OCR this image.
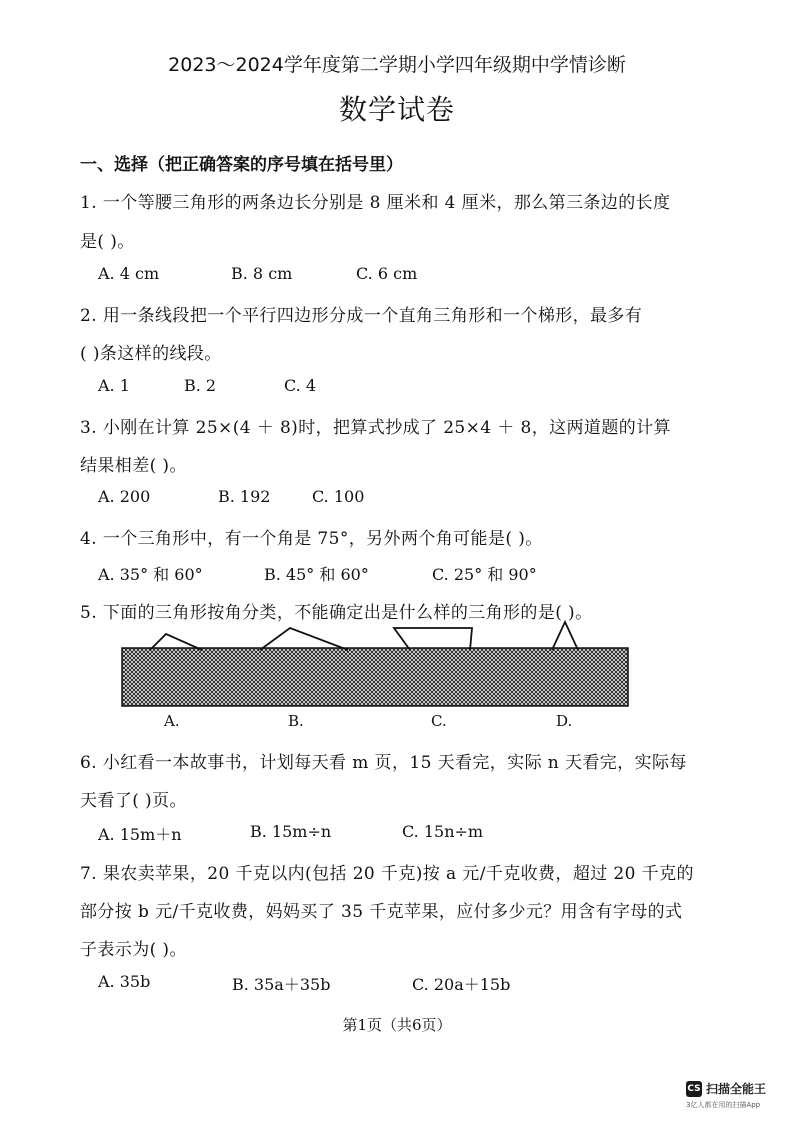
2023～2024学年度第二学期小学四年级期中学情诊断
数学试卷
一、选择（把正确答案的序号填在括号里）
1. 一个等腰三角形的两条边长分别是 8 厘米和 4 厘米，那么第三条边的长度
是( )。
A. 4 cm	B. 8 cm	C. 6 cm
2. 用一条线段把一个平行四边形分成一个直角三角形和一个梯形，最多有
( )条这样的线段。
A. 1	B. 2	C. 4
3. 小刚在计算 25×(4 ＋ 8)时，把算式抄成了 25×4 ＋ 8，这两道题的计算
结果相差( )。
A. 200	B. 192	C. 100
4. 一个三角形中，有一个角是 75°，另外两个角可能是( )。
A. 35° 和 60°	B. 45° 和 60°	C. 25° 和 90°
5. 下面的三角形按角分类，不能确定出是什么样的三角形的是( )。
A.	B.	C.	D.
6. 小红看一本故事书，计划每天看 m 页，15 天看完，实际 n 天看完，实际每
天看了( )页。
A. 15m＋n	B. 15m÷n	C. 15n÷m
7. 果农卖苹果，20 千克以内(包括 20 千克)按 a 元/千克收费，超过 20 千克的
部分按 b 元/千克收费，妈妈买了 35 千克苹果，应付多少元？用含有字母的式
子表示为( )。
A. 35b	B. 35a＋35b	C. 20a＋15b
第1页（共6页）
CS 扫描全能王
3亿人都在用的扫描App
